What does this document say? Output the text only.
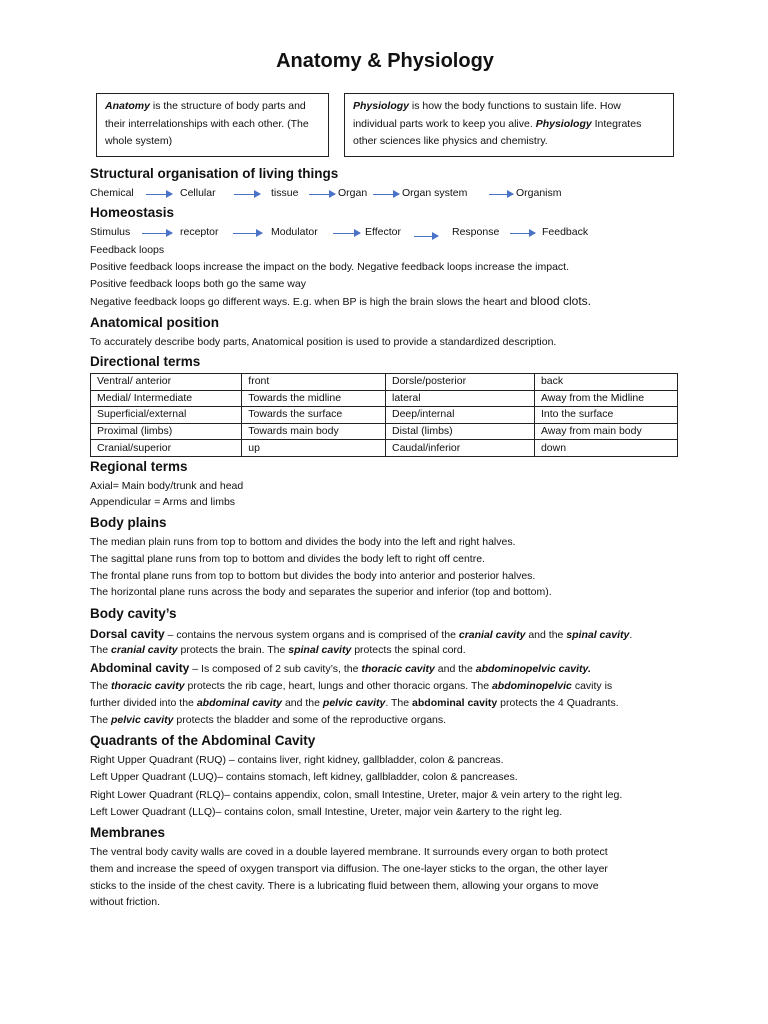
Anatomy & Physiology
Anatomy is the structure of body parts and their interrelationships with each other. (The whole system)
Physiology is how the body functions to sustain life. How individual parts work to keep you alive. Physiology Integrates other sciences like physics and chemistry.
Structural organisation of living things
Chemical	Cellular	tissue	Organ	Organ system	Organism
Homeostasis
Stimulus	receptor	Modulator	Effector	Response	Feedback
Feedback loops
Positive feedback loops increase the impact on the body. Negative feedback loops increase the impact.
Positive feedback loops both go the same way
Negative feedback loops go different ways. E.g. when BP is high the brain slows the heart and blood clots.
Anatomical position
To accurately describe body parts, Anatomical position is used to provide a standardized description.
Directional terms
Ventral/ anterior	front	Dorsle/posterior	back
Medial/ Intermediate	Towards the midline	lateral	Away from the Midline
Superficial/external	Towards the surface	Deep/internal	Into the surface
Proximal (limbs)	Towards main body	Distal (limbs)	Away from main body
Cranial/superior	up	Caudal/inferior	down
Regional terms
Axial= Main body/trunk and head
Appendicular = Arms and limbs
Body plains
The median plain runs from top to bottom and divides the body into the left and right halves.
The sagittal plane runs from top to bottom and divides the body left to right off centre.
The frontal plane runs from top to bottom but divides the body into anterior and posterior halves.
The horizontal plane runs across the body and separates the superior and inferior (top and bottom).
Body cavity’s
Dorsal cavity – contains the nervous system organs and is comprised of the cranial cavity and the spinal cavity.
The cranial cavity protects the brain. The spinal cavity protects the spinal cord.
Abdominal cavity – Is composed of 2 sub cavity’s, the thoracic cavity and the abdominopelvic cavity.
The thoracic cavity protects the rib cage, heart, lungs and other thoracic organs. The abdominopelvic cavity is
further divided into the abdominal cavity and the pelvic cavity. The abdominal cavity protects the 4 Quadrants.
The pelvic cavity protects the bladder and some of the reproductive organs.
Quadrants of the Abdominal Cavity
Right Upper Quadrant (RUQ) – contains liver, right kidney, gallbladder, colon & pancreas.
Left Upper Quadrant (LUQ)– contains stomach, left kidney, gallbladder, colon & pancreases.
Right Lower Quadrant (RLQ)– contains appendix, colon, small Intestine, Ureter, major & vein artery to the right leg.
Left Lower Quadrant (LLQ)– contains colon, small Intestine, Ureter, major vein &artery to the right leg.
Membranes
The ventral body cavity walls are coved in a double layered membrane. It surrounds every organ to both protect
them and increase the speed of oxygen transport via diffusion. The one-layer sticks to the organ, the other layer
sticks to the inside of the chest cavity. There is a lubricating fluid between them, allowing your organs to move
without friction.
